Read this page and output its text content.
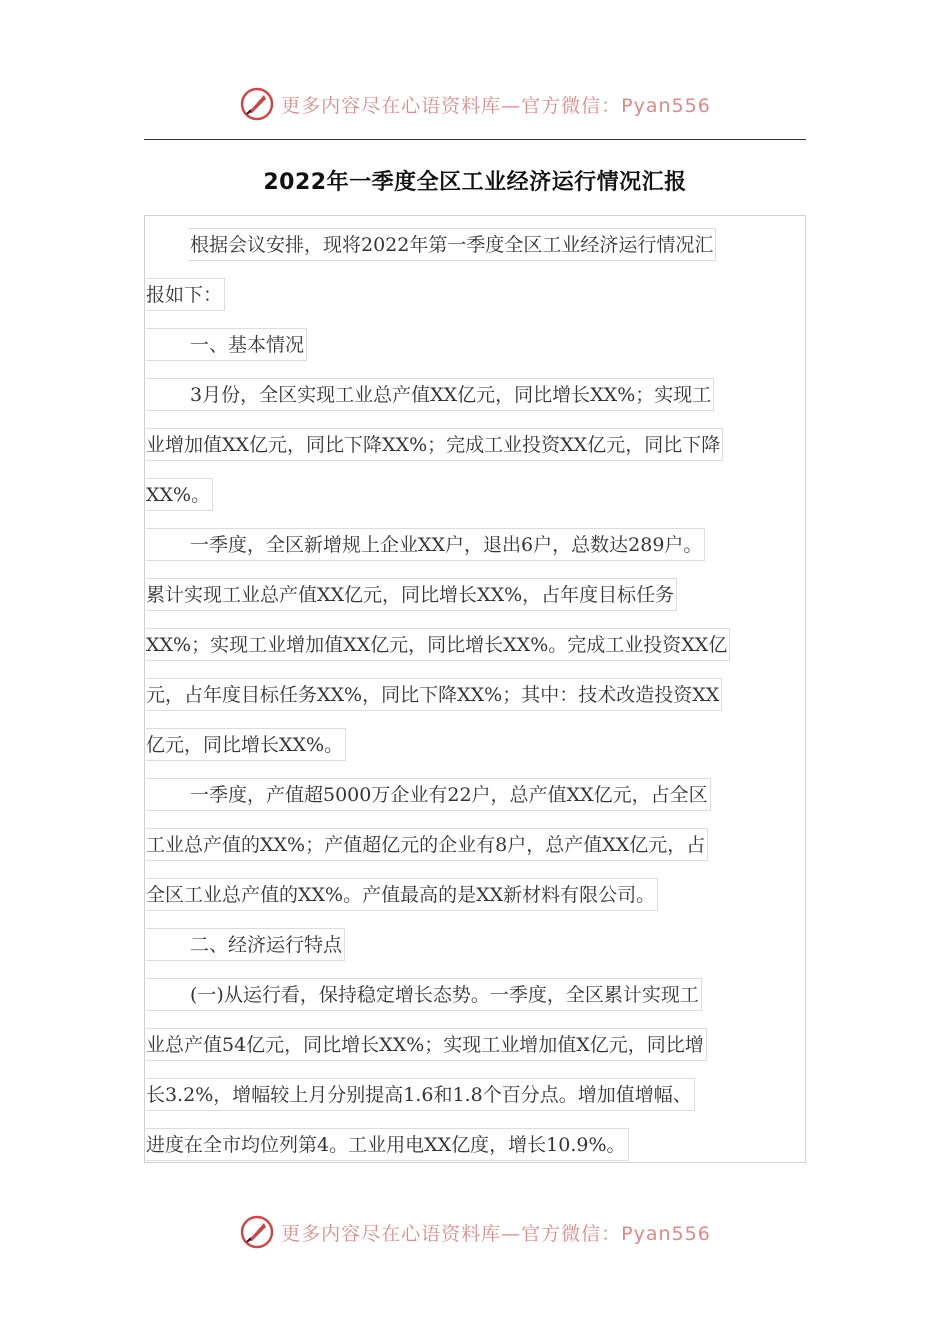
更多内容尽在心语资料库—官方微信：Pyan556
2022年一季度全区工业经济运行情况汇报
根据会议安排，现将2022年第一季度全区工业经济运行情况汇
报如下：
一、基本情况
3月份，全区实现工业总产值XX亿元，同比增长XX%；实现工
业增加值XX亿元，同比下降XX%；完成工业投资XX亿元，同比下降
XX%。
一季度，全区新增规上企业XX户，退出6户，总数达289户。
累计实现工业总产值XX亿元，同比增长XX%，占年度目标任务
XX%；实现工业增加值XX亿元，同比增长XX%。完成工业投资XX亿
元，占年度目标任务XX%，同比下降XX%；其中：技术改造投资XX
亿元，同比增长XX%。
一季度，产值超5000万企业有22户，总产值XX亿元，占全区
工业总产值的XX%；产值超亿元的企业有8户，总产值XX亿元，占
全区工业总产值的XX%。产值最高的是XX新材料有限公司。
二、经济运行特点
(一)从运行看，保持稳定增长态势。一季度，全区累计实现工
业总产值54亿元，同比增长XX%；实现工业增加值X亿元，同比增
长3.2%，增幅较上月分别提高1.6和1.8个百分点。增加值增幅、
进度在全市均位列第4。工业用电XX亿度，增长10.9%。
更多内容尽在心语资料库—官方微信：Pyan556
